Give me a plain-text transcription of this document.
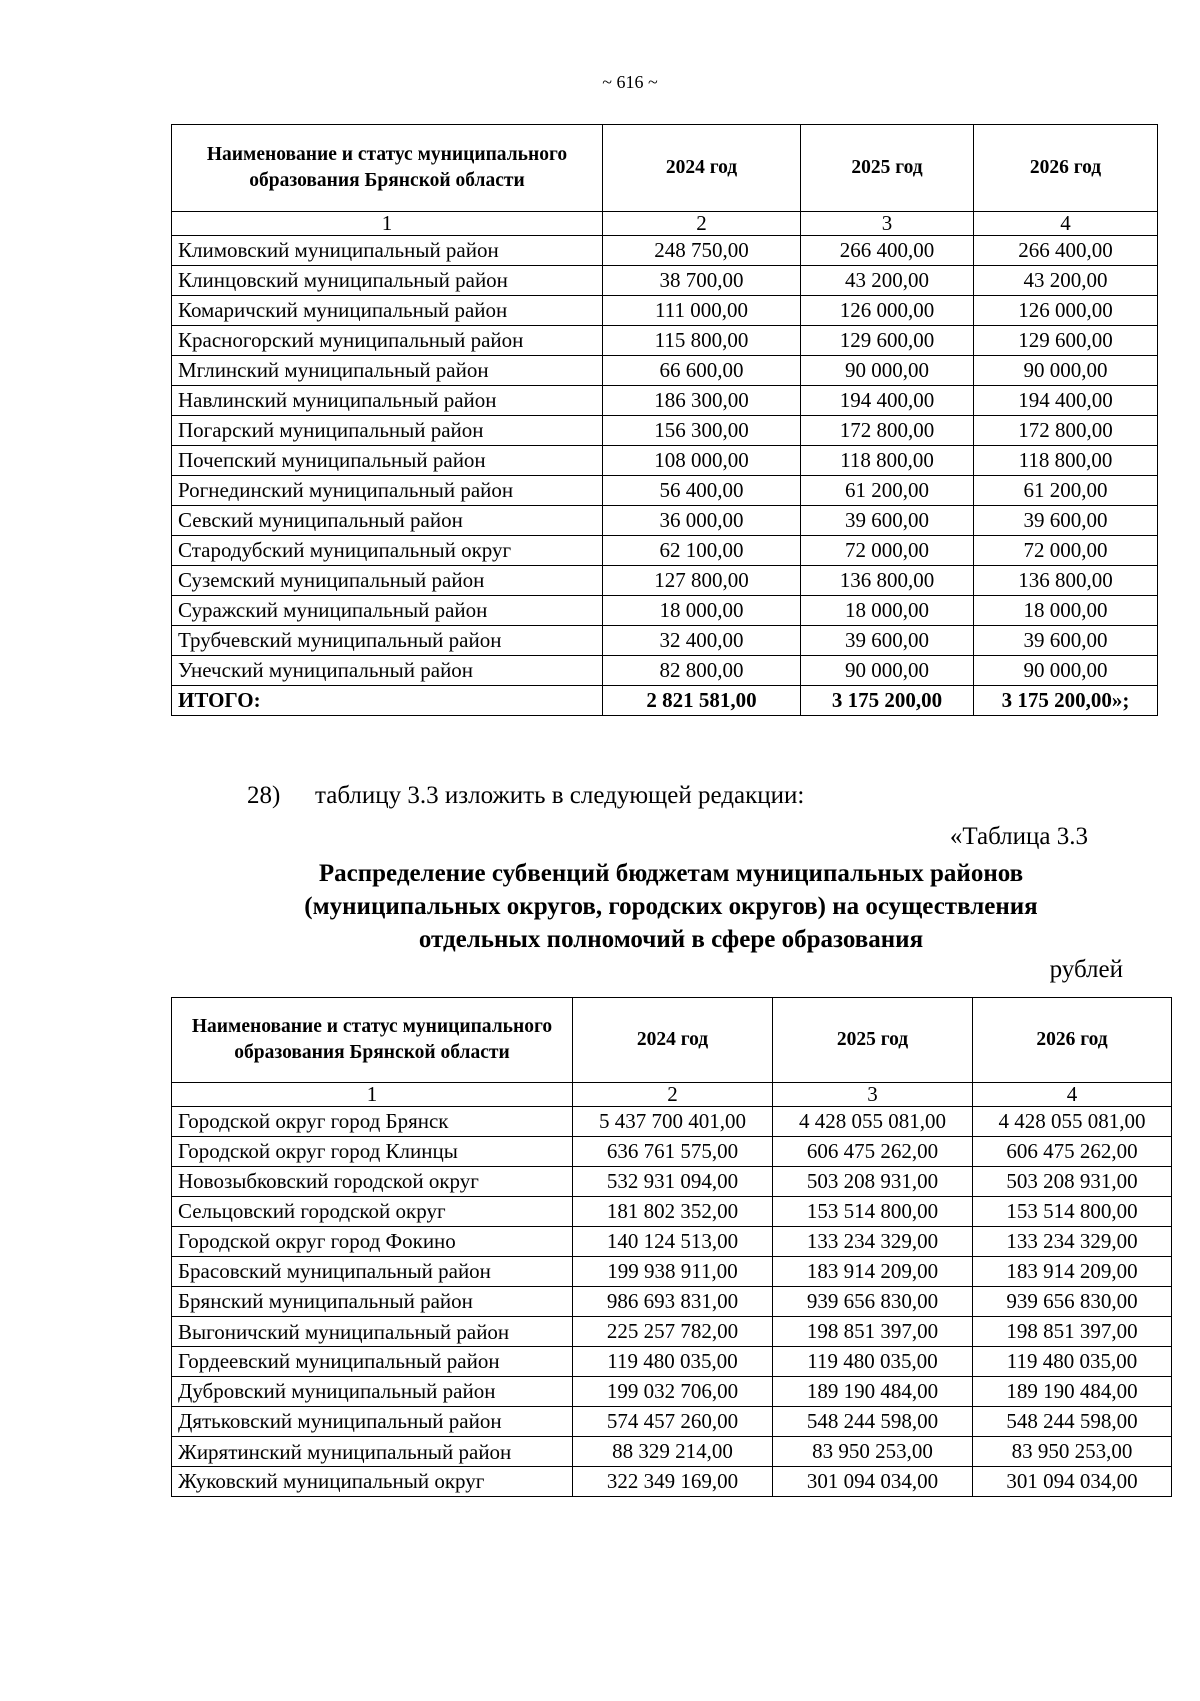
~ 616 ~
Наименование и статус муниципального образования Брянской области	2024 год	2025 год	2026 год
1	2	3	4
Климовский муниципальный район	248 750,00	266 400,00	266 400,00
Клинцовский муниципальный район	38 700,00	43 200,00	43 200,00
Комаричский муниципальный район	111 000,00	126 000,00	126 000,00
Красногорский муниципальный район	115 800,00	129 600,00	129 600,00
Мглинский муниципальный район	66 600,00	90 000,00	90 000,00
Навлинский муниципальный район	186 300,00	194 400,00	194 400,00
Погарский муниципальный район	156 300,00	172 800,00	172 800,00
Почепский муниципальный район	108 000,00	118 800,00	118 800,00
Рогнединский муниципальный район	56 400,00	61 200,00	61 200,00
Севский муниципальный район	36 000,00	39 600,00	39 600,00
Стародубский муниципальный округ	62 100,00	72 000,00	72 000,00
Суземский муниципальный район	127 800,00	136 800,00	136 800,00
Суражский муниципальный район	18 000,00	18 000,00	18 000,00
Трубчевский муниципальный район	32 400,00	39 600,00	39 600,00
Унечский муниципальный район	82 800,00	90 000,00	90 000,00
ИТОГО:	2 821 581,00	3 175 200,00	3 175 200,00»;
28) таблицу 3.3 изложить в следующей редакции:
«Таблица 3.3
Распределение субвенций бюджетам муниципальных районов
(муниципальных округов, городских округов) на осуществления
отдельных полномочий в сфере образования
рублей
Наименование и статус муниципального образования Брянской области	2024 год	2025 год	2026 год
1	2	3	4
Городской округ город Брянск	5 437 700 401,00	4 428 055 081,00	4 428 055 081,00
Городской округ город Клинцы	636 761 575,00	606 475 262,00	606 475 262,00
Новозыбковский городской округ	532 931 094,00	503 208 931,00	503 208 931,00
Сельцовский городской округ	181 802 352,00	153 514 800,00	153 514 800,00
Городской округ город Фокино	140 124 513,00	133 234 329,00	133 234 329,00
Брасовский муниципальный район	199 938 911,00	183 914 209,00	183 914 209,00
Брянский муниципальный район	986 693 831,00	939 656 830,00	939 656 830,00
Выгоничский муниципальный район	225 257 782,00	198 851 397,00	198 851 397,00
Гордеевский муниципальный район	119 480 035,00	119 480 035,00	119 480 035,00
Дубровский муниципальный район	199 032 706,00	189 190 484,00	189 190 484,00
Дятьковский муниципальный район	574 457 260,00	548 244 598,00	548 244 598,00
Жирятинский муниципальный район	88 329 214,00	83 950 253,00	83 950 253,00
Жуковский муниципальный округ	322 349 169,00	301 094 034,00	301 094 034,00
